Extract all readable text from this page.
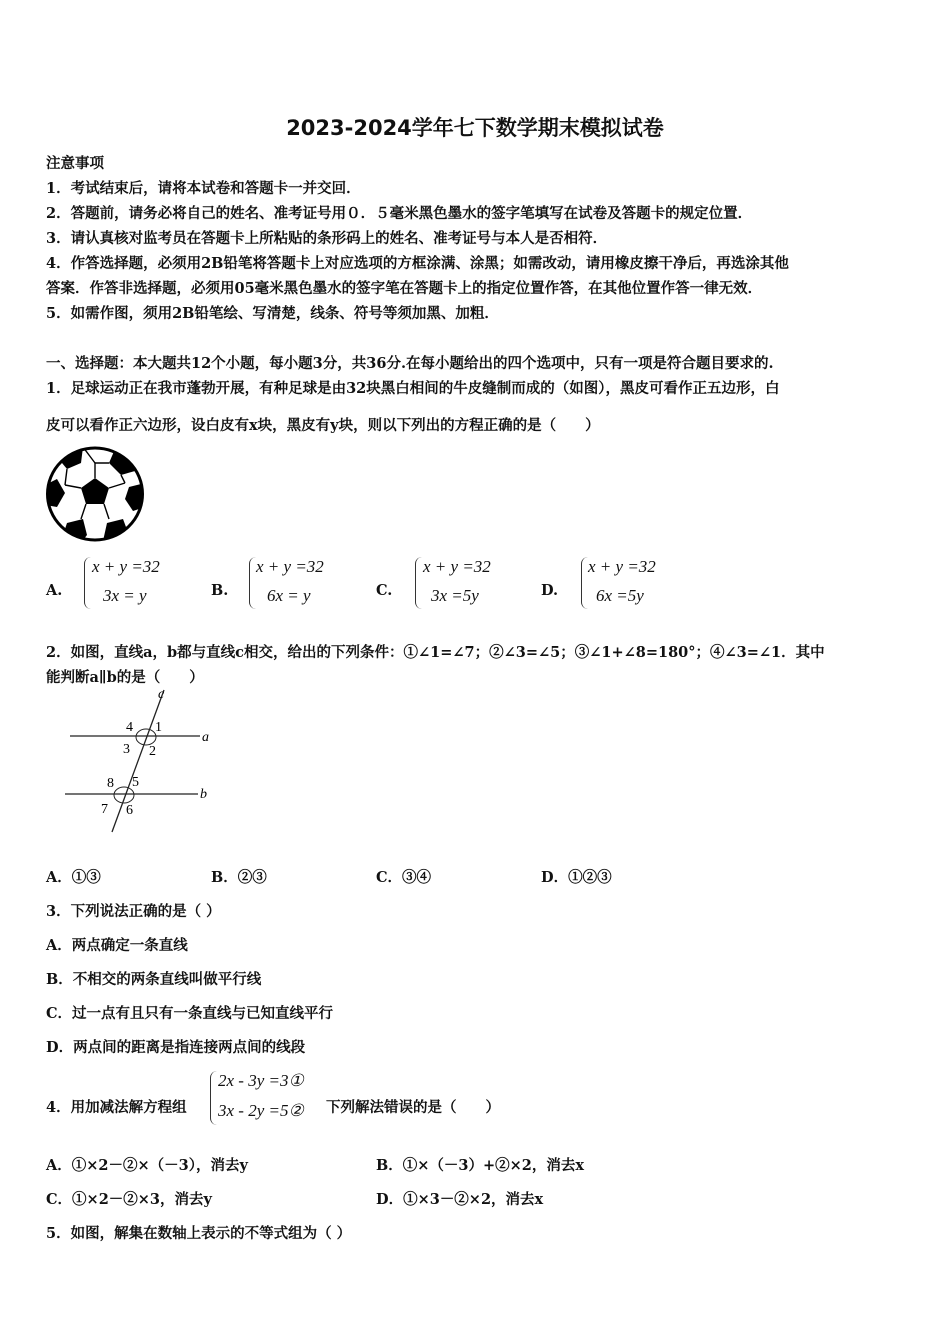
2023-2024学年七下数学期末模拟试卷
注意事项
1．考试结束后，请将本试卷和答题卡一并交回．
2．答题前，请务必将自己的姓名、准考证号用０．５毫米黑色墨水的签字笔填写在试卷及答题卡的规定位置．
3．请认真核对监考员在答题卡上所粘贴的条形码上的姓名、准考证号与本人是否相符．
4．作答选择题，必须用2B铅笔将答题卡上对应选项的方框涂满、涂黑；如需改动，请用橡皮擦干净后，再选涂其他
答案．作答非选择题，必须用05毫米黑色墨水的签字笔在答题卡上的指定位置作答，在其他位置作答一律无效．
5．如需作图，须用2B铅笔绘、写清楚，线条、符号等须加黑、加粗．
一、选择题：本大题共12个小题，每小题3分，共36分.在每小题给出的四个选项中，只有一项是符合题目要求的.
1．足球运动正在我市蓬勃开展，有种足球是由32块黑白相间的牛皮缝制而成的（如图），黑皮可看作正五边形，白
皮可以看作正六边形，设白皮有x块，黑皮有y块，则以下列出的方程正确的是（　　）
A.
x + y =32
3x = y	B.
x + y =32
6x = y	C.
x + y =32
3x =5y	D.
x + y =32
6x =5y
2．如图，直线a，b都与直线c相交，给出的下列条件：①∠1=∠7；②∠3=∠5；③∠1+∠8=180°；④∠3=∠1．其中
能判断a∥b的是（　　）
c
a
b
4 1
3 2
8 5
7 6
A．①③	B．②③	C．③④	D．①②③
3．下列说法正确的是（ ）
A．两点确定一条直线
B．不相交的两条直线叫做平行线
C．过一点有且只有一条直线与已知直线平行
D．两点间的距离是指连接两点间的线段
4．用加减法解方程组
2x - 3y =3①
3x - 2y =5② 下列解法错误的是（　　）
A．①×2－②×（－3），消去y	B．①×（－3）+②×2，消去x
C．①×2－②×3，消去y	D．①×3－②×2，消去x
5．如图，解集在数轴上表示的不等式组为（ ）
